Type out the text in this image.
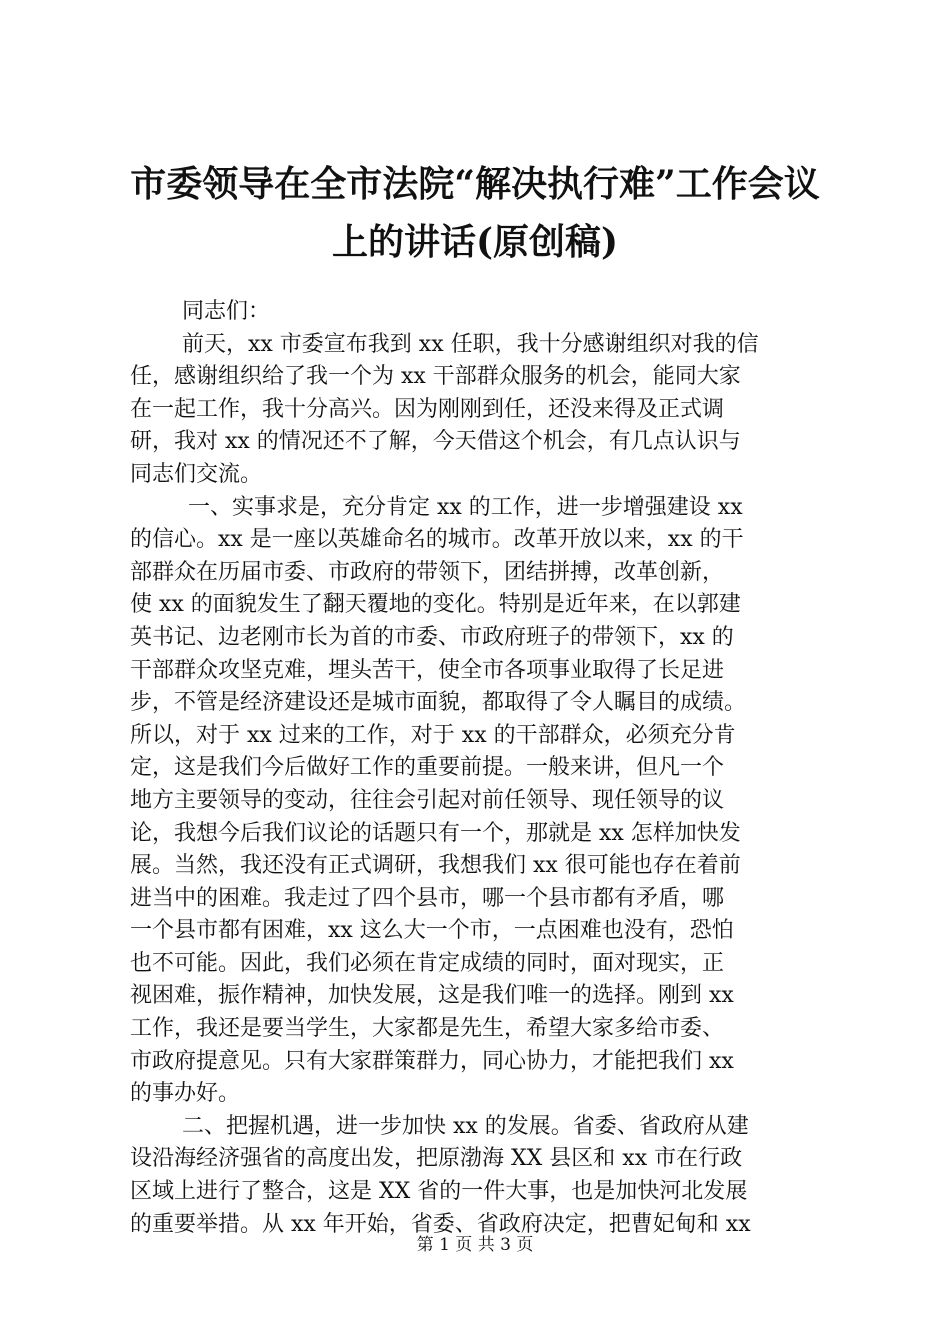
市委领导在全市法院“解决执行难”工作会议
上的讲话(原创稿)
同志们：
前天，xx 市委宣布我到 xx 任职，我十分感谢组织对我的信
任，感谢组织给了我一个为 xx 干部群众服务的机会，能同大家
在一起工作，我十分高兴。因为刚刚到任，还没来得及正式调
研，我对 xx 的情况还不了解，今天借这个机会，有几点认识与
同志们交流。
一、实事求是，充分肯定 xx 的工作，进一步增强建设 xx
的信心。xx 是一座以英雄命名的城市。改革开放以来，xx 的干
部群众在历届市委、市政府的带领下，团结拼搏，改革创新，
使 xx 的面貌发生了翻天覆地的变化。特别是近年来，在以郭建
英书记、边老刚市长为首的市委、市政府班子的带领下，xx 的
干部群众攻坚克难，埋头苦干，使全市各项事业取得了长足进
步，不管是经济建设还是城市面貌，都取得了令人瞩目的成绩。
所以，对于 xx 过来的工作，对于 xx 的干部群众，必须充分肯
定，这是我们今后做好工作的重要前提。一般来讲，但凡一个
地方主要领导的变动，往往会引起对前任领导、现任领导的议
论，我想今后我们议论的话题只有一个，那就是 xx 怎样加快发
展。当然，我还没有正式调研，我想我们 xx 很可能也存在着前
进当中的困难。我走过了四个县市，哪一个县市都有矛盾，哪
一个县市都有困难，xx 这么大一个市，一点困难也没有，恐怕
也不可能。因此，我们必须在肯定成绩的同时，面对现实，正
视困难，振作精神，加快发展，这是我们唯一的选择。刚到 xx
工作，我还是要当学生，大家都是先生，希望大家多给市委、
市政府提意见。只有大家群策群力，同心协力，才能把我们 xx
的事办好。
二、把握机遇，进一步加快 xx 的发展。省委、省政府从建
设沿海经济强省的高度出发，把原渤海 XX 县区和 xx 市在行政
区域上进行了整合，这是 XX 省的一件大事，也是加快河北发展
的重要举措。从 xx 年开始，省委、省政府决定，把曹妃甸和 xx
第 1 页 共 3 页
